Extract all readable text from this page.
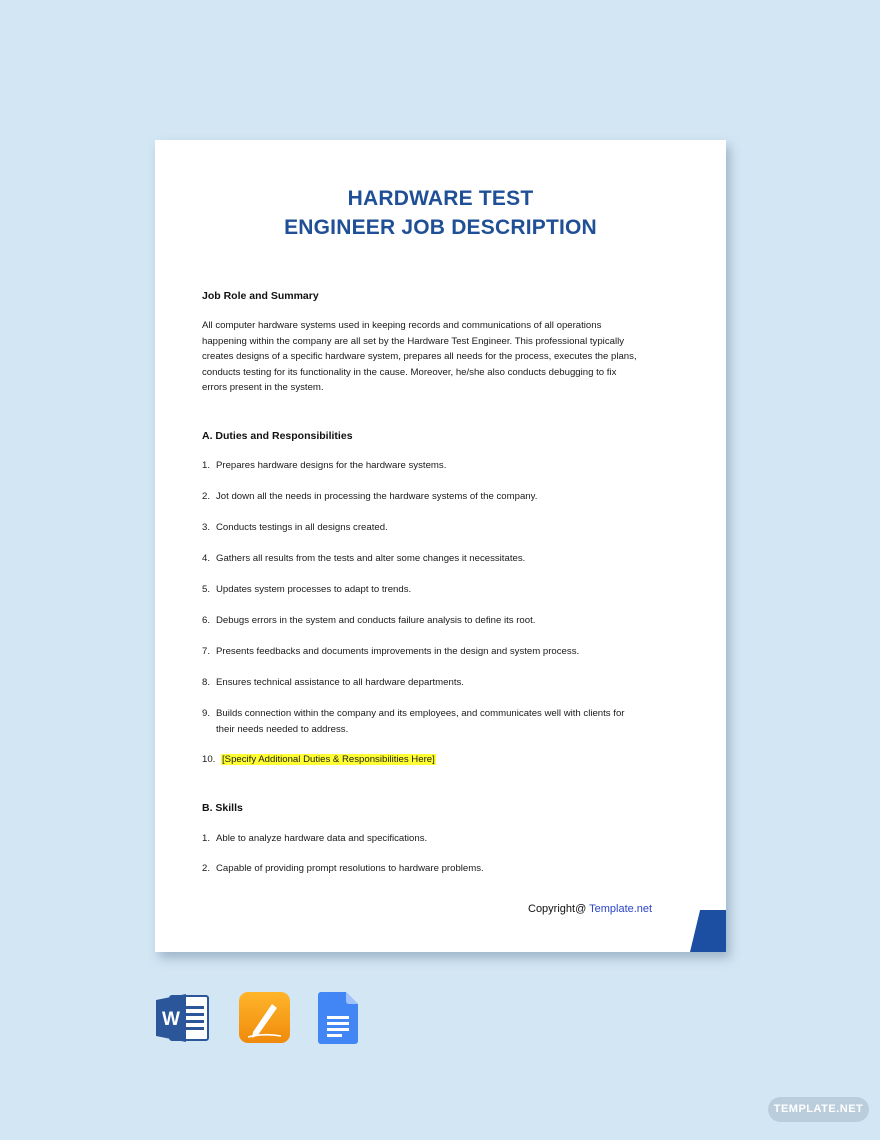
HARDWARE TEST
ENGINEER JOB DESCRIPTION
Job Role and Summary
All computer hardware systems used in keeping records and communications of all operations
happening within the company are all set by the Hardware Test Engineer. This professional typically
creates designs of a specific hardware system, prepares all needs for the process, executes the plans,
conducts testing for its functionality in the cause. Moreover, he/she also conducts debugging to fix
errors present in the system.
A. Duties and Responsibilities
1. Prepares hardware designs for the hardware systems.
2. Jot down all the needs in processing the hardware systems of the company.
3. Conducts testings in all designs created.
4. Gathers all results from the tests and alter some changes it necessitates.
5. Updates system processes to adapt to trends.
6. Debugs errors in the system and conducts failure analysis to define its root.
7. Presents feedbacks and documents improvements in the design and system process.
8. Ensures technical assistance to all hardware departments.
9. Builds connection within the company and its employees, and communicates well with clients for
their needs needed to address.
10. [Specify Additional Duties & Responsibilities Here]
B. Skills
1. Able to analyze hardware data and specifications.
2. Capable of providing prompt resolutions to hardware problems.
Copyright@ Template.net
W
TEMPLATE.NET
